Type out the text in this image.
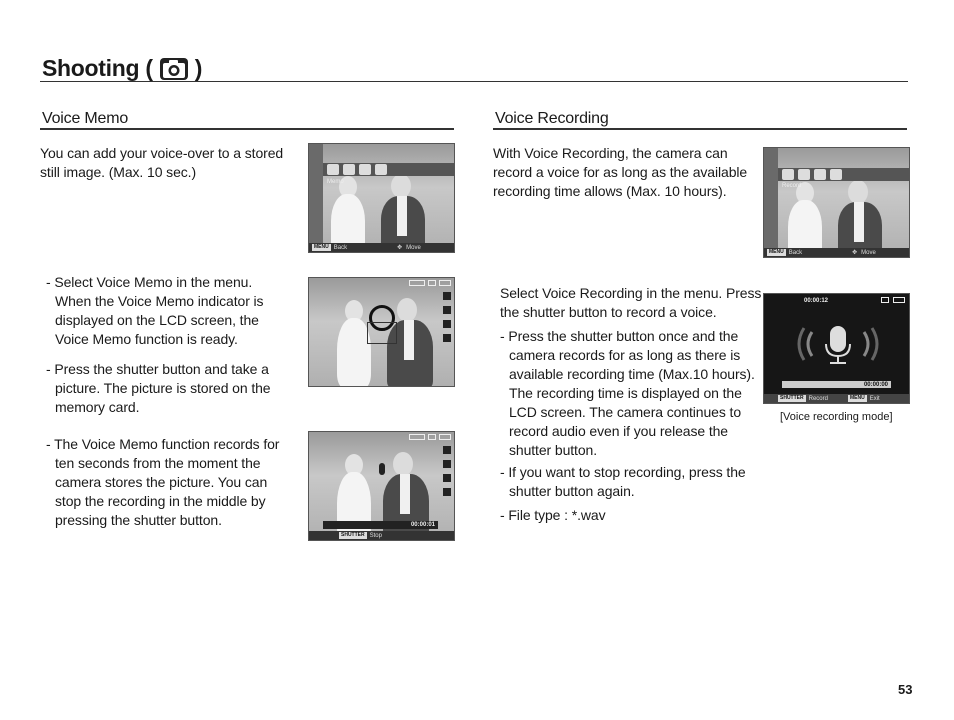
Shooting ( )
Voice Memo
You can add your voice-over to a stored still image. (Max. 10 sec.)
Memo
MENU Back	✥ Move
- Select Voice Memo in the menu. When the Voice Memo indicator is displayed on the LCD screen, the Voice Memo function is ready.
- Press the shutter button and take a picture. The picture is stored on the memory card.
- The Voice Memo function records for ten seconds from the moment the camera stores the picture. You can stop the recording in the middle by pressing the shutter button.	00:00:01
SHUTTER Stop
Voice Recording
With Voice Recording, the camera can record a voice for as long as the available recording time allows (Max. 10 hours).	Record
MENU Back	✥ Move
Select Voice Recording in the menu. Press the shutter button to record a voice.
- Press the shutter button once and the camera records for as long as there is available recording time (Max.10 hours). The recording time is displayed on the LCD screen. The camera continues to record audio even if you release the shutter button.
- If you want to stop recording, press the shutter button again.
- File type : *.wav
00:00:12
00:00:00
SHUTTER Record	MENU Exit
[Voice recording mode]
53
